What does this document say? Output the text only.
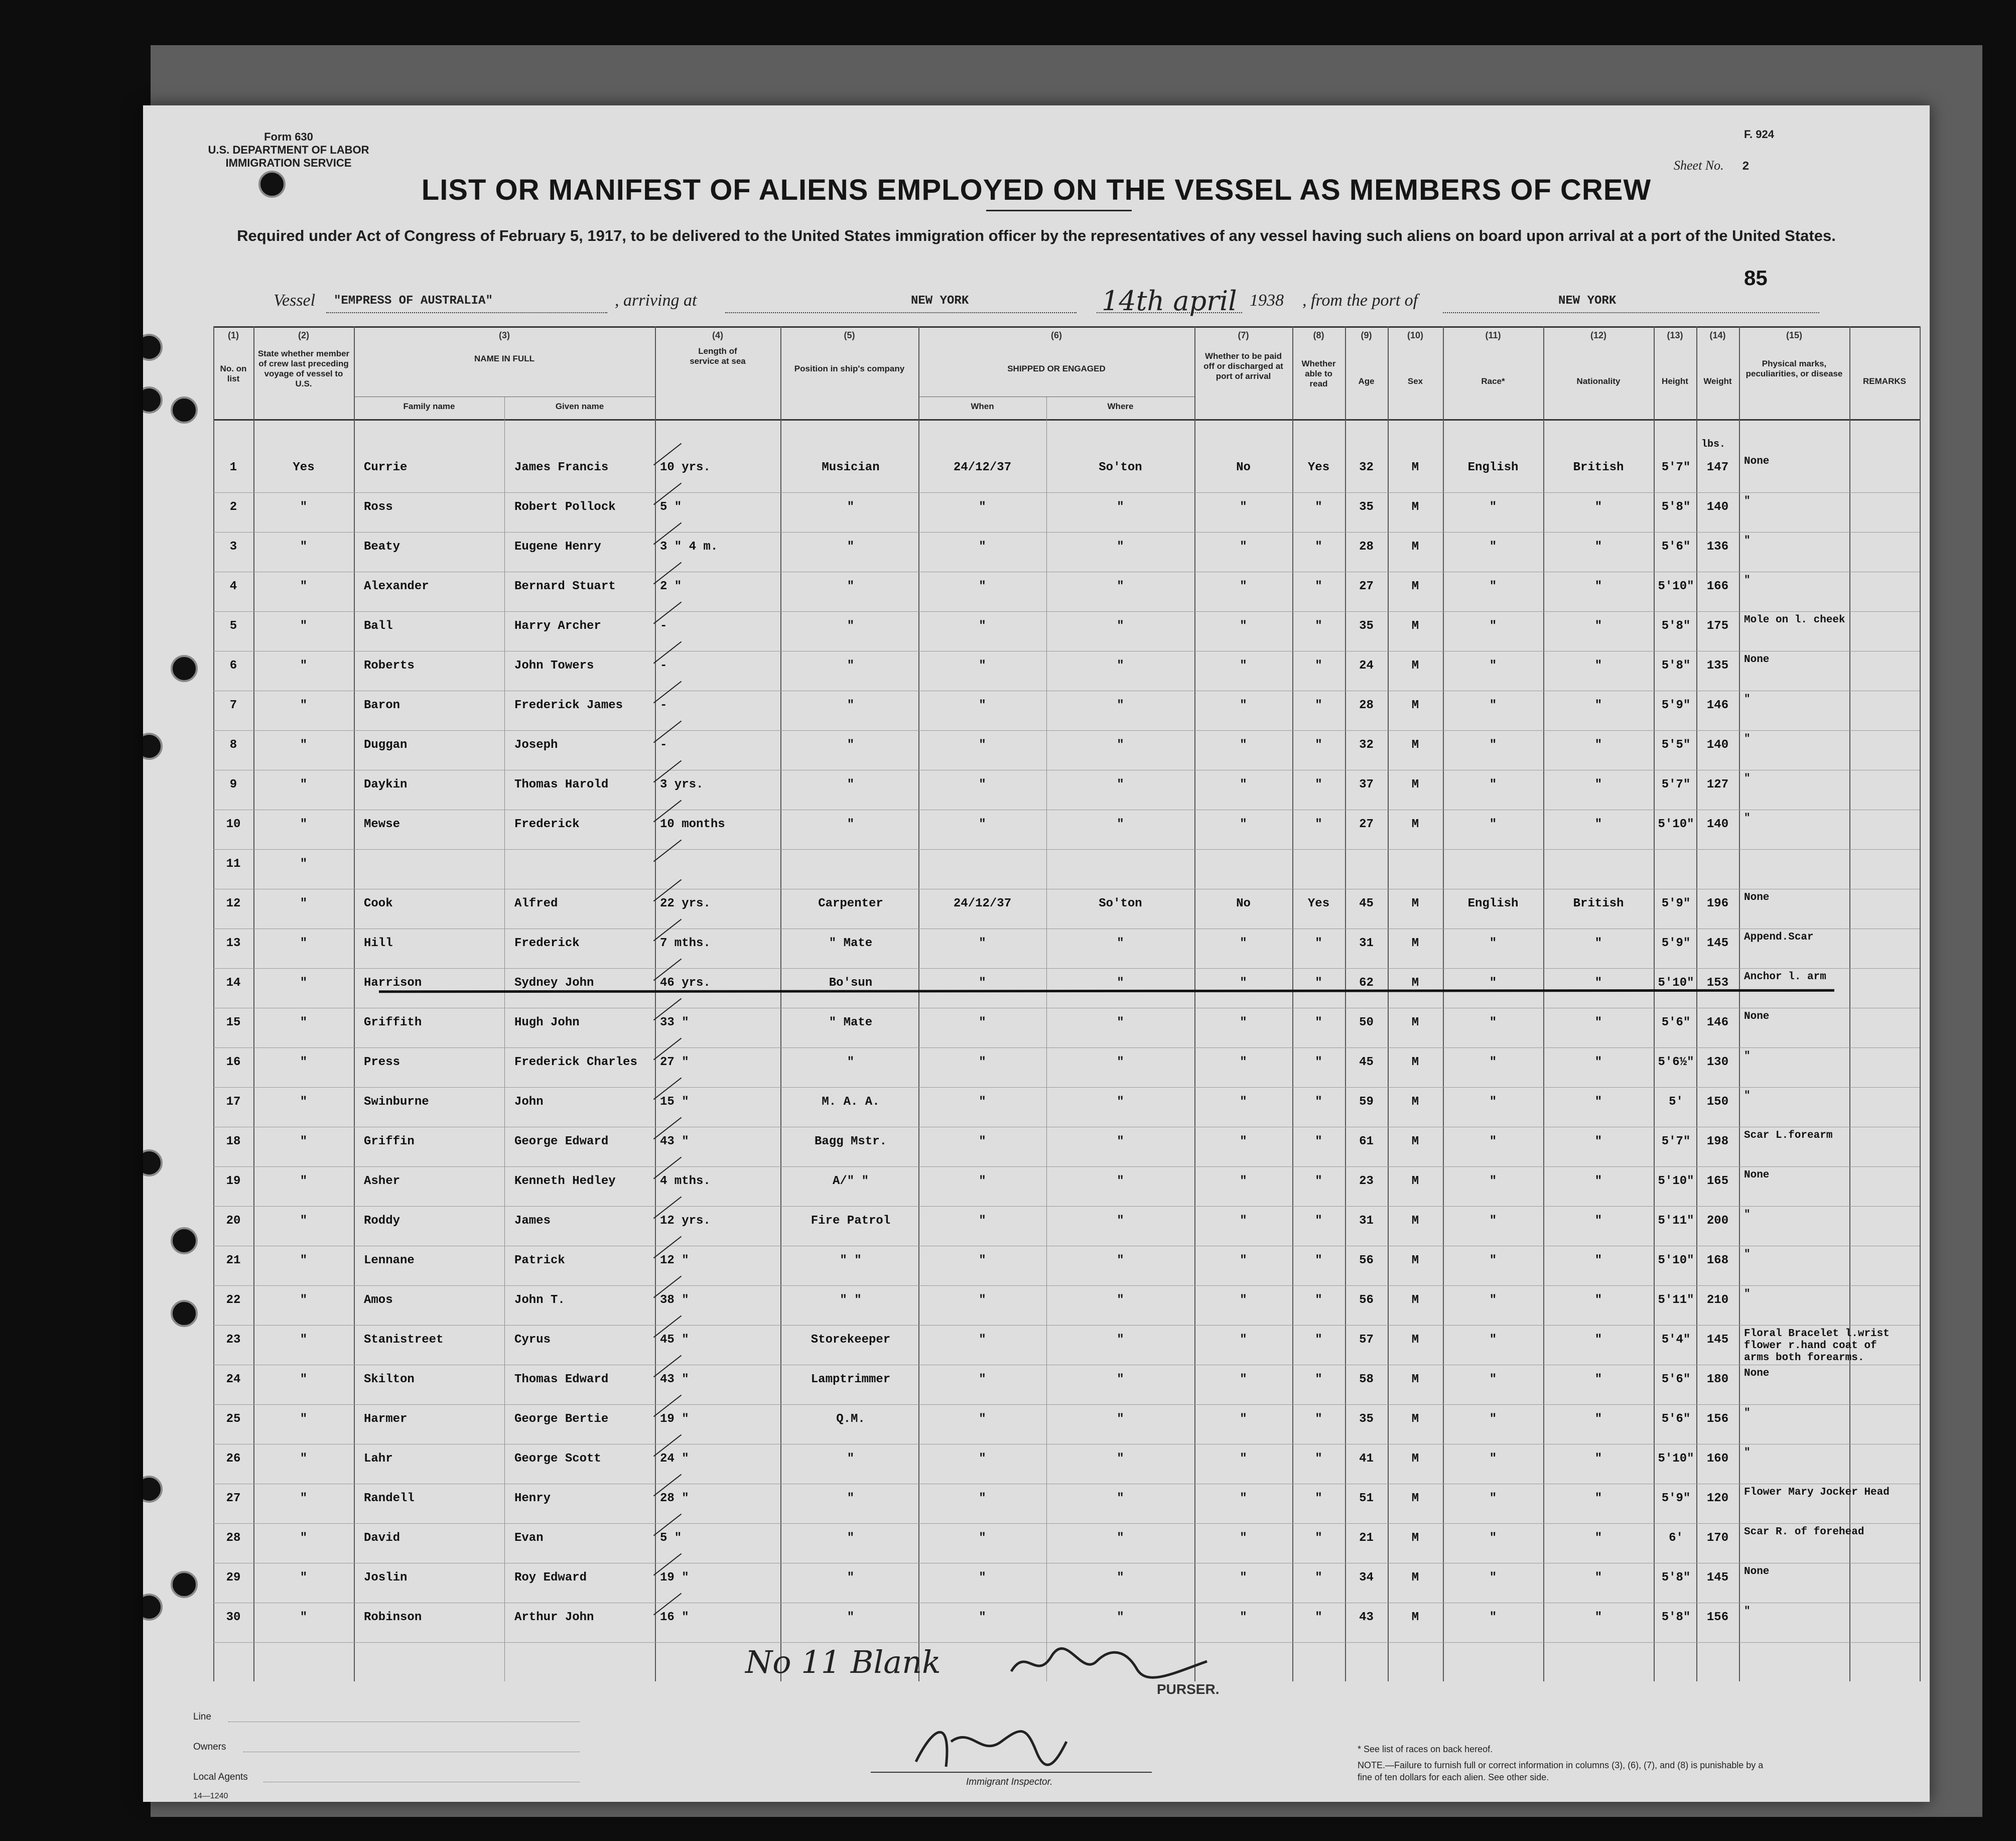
Form 630
U.S. DEPARTMENT OF LABOR
IMMIGRATION SERVICE
F. 924
Sheet No. 2
85
LIST OR MANIFEST OF ALIENS EMPLOYED ON THE VESSEL AS MEMBERS OF CREW
Required under Act of Congress of February 5, 1917, to be delivered to the United States immigration officer by the representatives of any vessel having such aliens on board upon arrival at a port of the United States.
Vessel "EMPRESS OF AUSTRALIA"	, arriving at	NEW YORK	14th april 1938 , from the port of	NEW YORK
(1)	(2)	(3)	(4)	(5)	(6)	(7)	(8)	(9)	(10)	(11)	(12)	(13)	(14)	(15)
No. on list
State whether member of crew last preceding voyage of vessel to U.S.
NAME IN FULL
Family name	Given name
Length of service at sea
Position in ship's company	SHIPPED OR ENGAGED
When	Where
Whether to be paid off or discharged at port of arrival
Whether able to read	Age	Sex	Race*	Nationality	Height	Weight
Physical marks, peculiarities, or disease
REMARKS
lbs.
1	Yes	Currie	James Francis	10 yrs.	Musician	24/12/37	So'ton	No	Yes	32	M	English	British	5'7"	147	None
2	"	Ross	Robert Pollock	5 "	"	"	"	"	"	35	M	"	"	5'8"	140	"
3	"	Beaty	Eugene Henry	3 " 4 m.	"	"	"	"	"	28	M	"	"	5'6"	136	"
4	"	Alexander	Bernard Stuart	2 "	"	"	"	"	"	27	M	"	"	5'10"	166	"
5	"	Ball	Harry Archer	-	"	"	"	"	"	35	M	"	"	5'8"	175	Mole on l. cheek
6	"	Roberts	John Towers	-	"	"	"	"	"	24	M	"	"	5'8"	135	None
7	"	Baron	Frederick James	-	"	"	"	"	"	28	M	"	"	5'9"	146	"
8	"	Duggan	Joseph	-	"	"	"	"	"	32	M	"	"	5'5"	140	"
9	"	Daykin	Thomas Harold	3 yrs.	"	"	"	"	"	37	M	"	"	5'7"	127	"
10	"	Mewse	Frederick	10 months	"	"	"	"	"	27	M	"	"	5'10"	140	"
11	"
12	"	Cook	Alfred	22 yrs.	Carpenter	24/12/37	So'ton	No	Yes	45	M	English	British	5'9"	196	None
13	"	Hill	Frederick	7 mths.	" Mate	"	"	"	"	31	M	"	"	5'9"	145	Append.Scar
14	"	Harrison	Sydney John	46 yrs.	Bo'sun	"	"	"	"	62	M	"	"	5'10"	153	Anchor l. arm
15	"	Griffith	Hugh John	33 "	" Mate	"	"	"	"	50	M	"	"	5'6"	146	None
16	"	Press	Frederick Charles	27 "	"	"	"	"	"	45	M	"	"	5'6½"	130	"
17	"	Swinburne	John	15 "	M. A. A.	"	"	"	"	59	M	"	"	5'	150	"
18	"	Griffin	George Edward	43 "	Bagg Mstr.	"	"	"	"	61	M	"	"	5'7"	198	Scar L.forearm
19	"	Asher	Kenneth Hedley	4 mths.	A/" "	"	"	"	"	23	M	"	"	5'10"	165	None
20	"	Roddy	James	12 yrs.	Fire Patrol	"	"	"	"	31	M	"	"	5'11"	200	"
21	"	Lennane	Patrick	12 "	" "	"	"	"	"	56	M	"	"	5'10"	168	"
22	"	Amos	John T.	38 "	" "	"	"	"	"	56	M	"	"	5'11"	210	"
23	"	Stanistreet	Cyrus	45 "	Storekeeper	"	"	"	"	57	M	"	"	5'4"	145	Floral Bracelet l.wrist flower r.hand coat of arms both forearms.
24	"	Skilton	Thomas Edward	43 "	Lamptrimmer	"	"	"	"	58	M	"	"	5'6"	180	None
25	"	Harmer	George Bertie	19 "	Q.M.	"	"	"	"	35	M	"	"	5'6"	156	"
26	"	Lahr	George Scott	24 "	"	"	"	"	"	41	M	"	"	5'10"	160	"
27	"	Randell	Henry	28 "	"	"	"	"	"	51	M	"	"	5'9"	120	Flower Mary Jocker Head
28	"	David	Evan	5 "	"	"	"	"	"	21	M	"	"	6'	170	Scar R. of forehead
29	"	Joslin	Roy Edward	19 "	"	"	"	"	"	34	M	"	"	5'8"	145	None
30	"	Robinson	Arthur John	16 "	"	"	"	"	"	43	M	"	"	5'8"	156	"
No 11 Blank
PURSER.
Immigrant Inspector.
Line
Owners
Local Agents
14—1240
* See list of races on back hereof.
NOTE.—Failure to furnish full or correct information in columns (3), (6), (7), and (8) is punishable by a fine of ten dollars for each alien. See other side.
